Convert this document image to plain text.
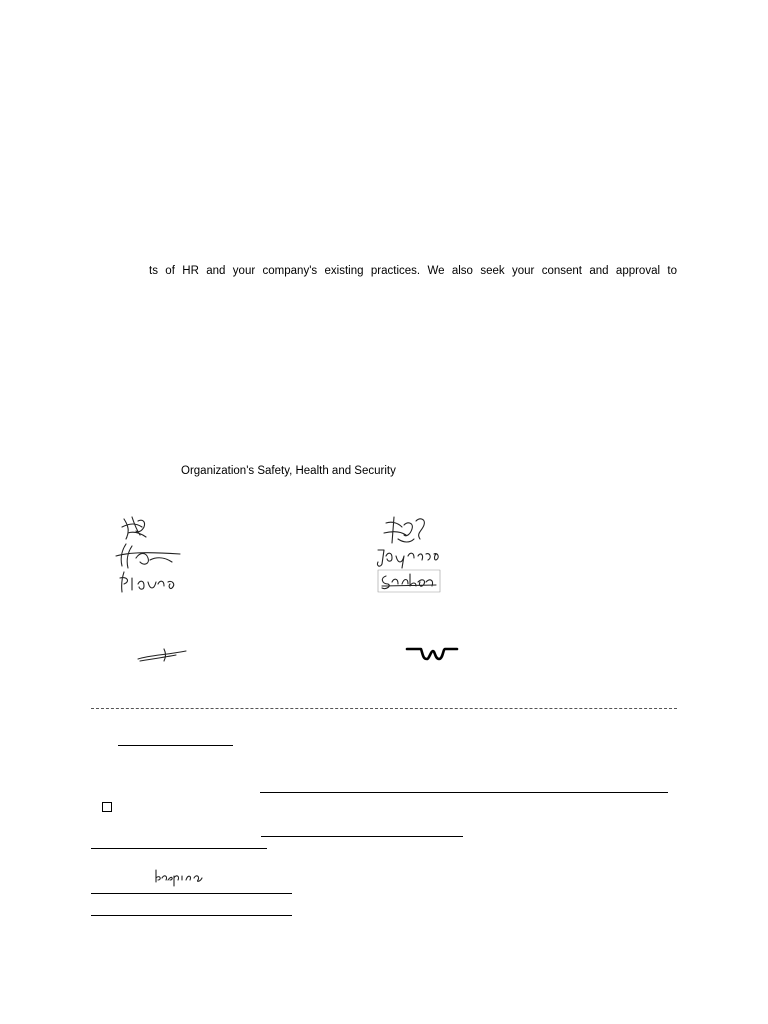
ts of HR and your company's existing practices. We also seek your consent and approval to
Organization's Safety, Health and Security
